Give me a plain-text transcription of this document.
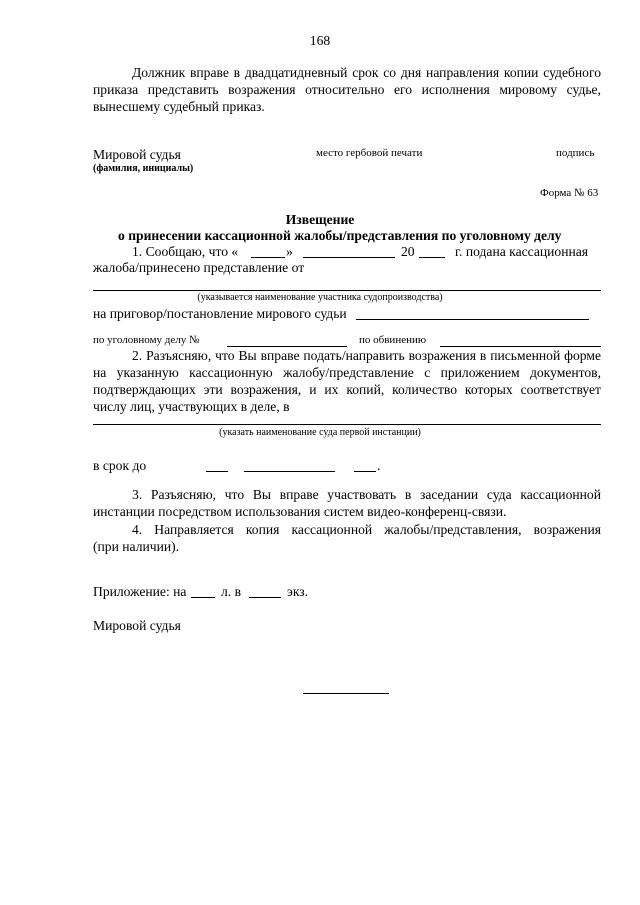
168
Должник вправе в двадцатидневный срок со дня направления копии судебного
приказа представить возражения относительно его исполнения мировому судье,
вынесшему судебный приказ.
Мировой судья
(фамилия, инициалы)
место гербовой печати	подпись
Форма № 63
Извещение
о принесении кассационной жалобы/представления по уголовному делу
1. Сообщаю, что «	»	20	г. подана кассационная
жалоба/принесено представление от
(указывается наименование участника судопроизводства)
на приговор/постановление мирового судьи
по уголовному делу №	по обвинению
2. Разъясняю, что Вы вправе подать/направить возражения в письменной форме
на указанную кассационную жалобу/представление с приложением документов,
подтверждающих эти возражения, и их копий, количество которых соответствует
числу лиц, участвующих в деле, в
(указать наименование суда первой инстанции)
в срок до	.
3. Разъясняю, что Вы вправе участвовать в заседании суда кассационной
инстанции посредством использования систем видео-конференц-связи.
4. Направляется копия кассационной жалобы/представления, возражения
(при наличии).
Приложение: на	л. в	экз.
Мировой судья
